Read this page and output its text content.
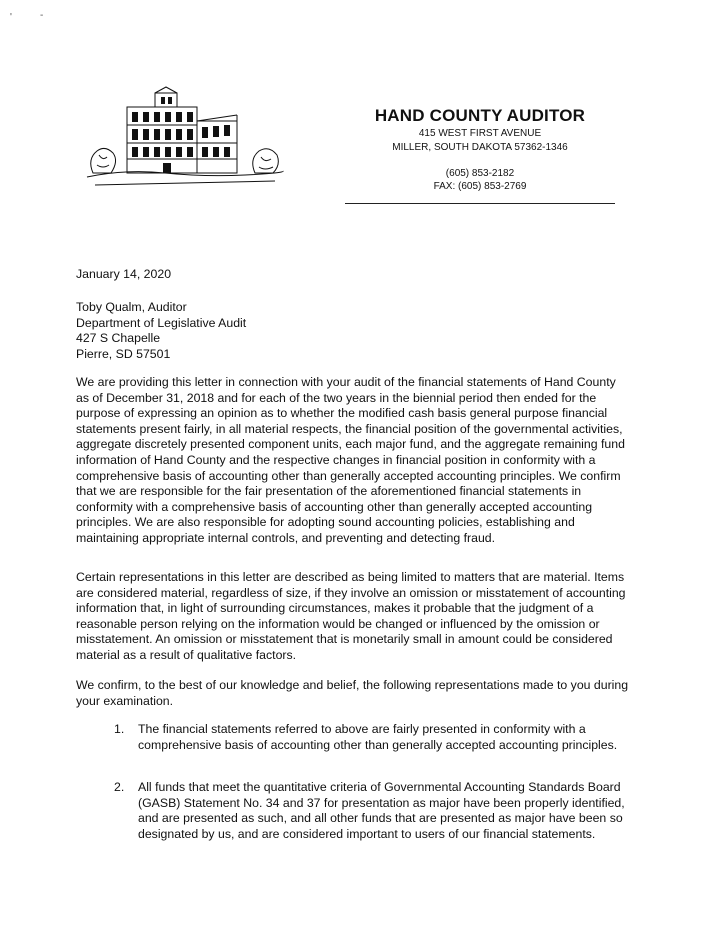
'	-
HAND COUNTY AUDITOR
415 WEST FIRST AVENUE
MILLER, SOUTH DAKOTA 57362-1346
(605) 853-2182
FAX: (605) 853-2769
January 14, 2020
Toby Qualm, Auditor
Department of Legislative Audit
427 S Chapelle
Pierre, SD 57501

We are providing this letter in connection with your audit of the financial statements of Hand County as of December 31, 2018 and for each of the two years in the biennial period then ended for the purpose of expressing an opinion as to whether the modified cash basis general purpose financial statements present fairly, in all material respects, the financial position of the governmental activities, aggregate discretely presented component units, each major fund, and the aggregate remaining fund information of Hand County and the respective changes in financial position in conformity with a comprehensive basis of accounting other than generally accepted accounting principles. We confirm that we are responsible for the fair presentation of the aforementioned financial statements in conformity with a comprehensive basis of accounting other than generally accepted accounting principles. We are also responsible for adopting sound accounting policies, establishing and maintaining appropriate internal controls, and preventing and detecting fraud.

Certain representations in this letter are described as being limited to matters that are material. Items are considered material, regardless of size, if they involve an omission or misstatement of accounting information that, in light of surrounding circumstances, makes it probable that the judgment of a reasonable person relying on the information would be changed or influenced by the omission or misstatement. An omission or misstatement that is monetarily small in amount could be considered material as a result of qualitative factors.

We confirm, to the best of our knowledge and belief, the following representations made to you during your examination.

1.	The financial statements referred to above are fairly presented in conformity with a comprehensive basis of accounting other than generally accepted accounting principles.
2.	All funds that meet the quantitative criteria of Governmental Accounting Standards Board (GASB) Statement No. 34 and 37 for presentation as major have been properly identified, and are presented as such, and all other funds that are presented as major have been so designated by us, and are considered important to users of our financial statements.
